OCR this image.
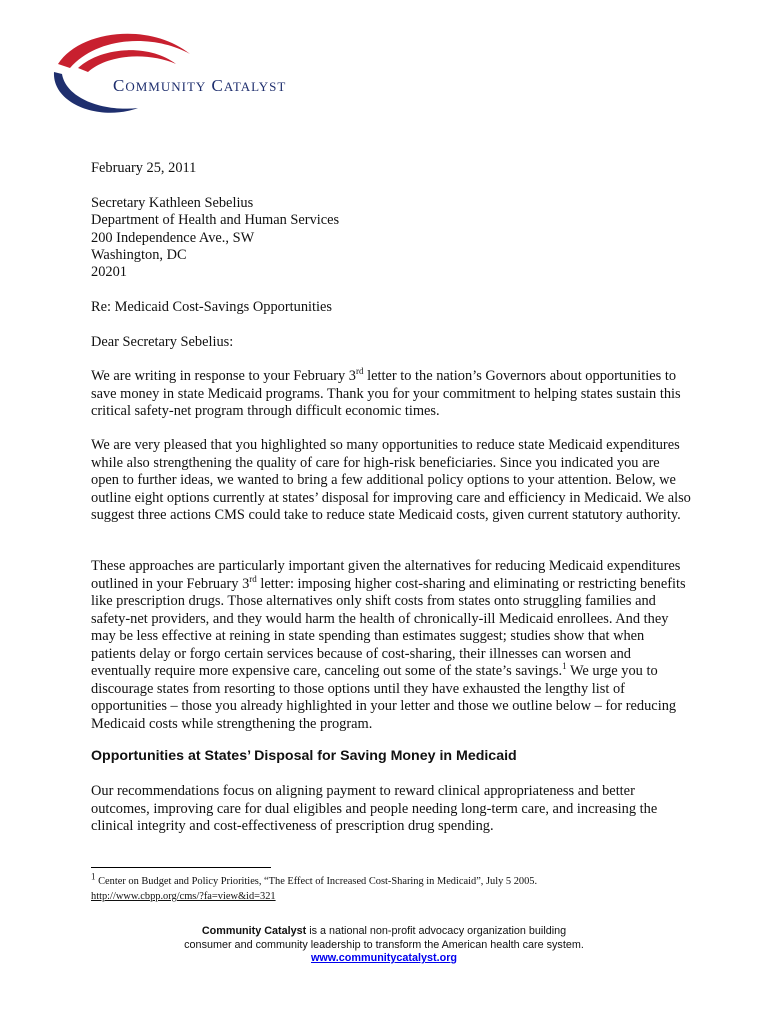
COMMUNITY CATALYST
February 25, 2011
Secretary Kathleen Sebelius
Department of Health and Human Services
200 Independence Ave., SW
Washington, DC
20201
Re: Medicaid Cost-Savings Opportunities
Dear Secretary Sebelius:

We are writing in response to your February 3rd letter to the nation’s Governors about opportunities to save money in state Medicaid programs. Thank you for your commitment to helping states sustain this critical safety-net program through difficult economic times.

We are very pleased that you highlighted so many opportunities to reduce state Medicaid expenditures while also strengthening the quality of care for high-risk beneficiaries. Since you indicated you are open to further ideas, we wanted to bring a few additional policy options to your attention. Below, we outline eight options currently at states’ disposal for improving care and efficiency in Medicaid. We also suggest three actions CMS could take to reduce state Medicaid costs, given current statutory authority.

These approaches are particularly important given the alternatives for reducing Medicaid expenditures outlined in your February 3rd letter: imposing higher cost-sharing and eliminating or restricting benefits like prescription drugs. Those alternatives only shift costs from states onto struggling families and safety-net providers, and they would harm the health of chronically-ill Medicaid enrollees. And they may be less effective at reining in state spending than estimates suggest; studies show that when patients delay or forgo certain services because of cost-sharing, their illnesses can worsen and eventually require more expensive care, canceling out some of the state’s savings.$^1$ We urge you to discourage states from resorting to those options until they have exhausted the lengthy list of opportunities – those you already highlighted in your letter and those we outline below – for reducing Medicaid costs while strengthening the program.

Opportunities at States’ Disposal for Saving Money in Medicaid

Our recommendations focus on aligning payment to reward clinical appropriateness and better outcomes, improving care for dual eligibles and people needing long-term care, and increasing the clinical integrity and cost-effectiveness of prescription drug spending.

$^1$ Center on Budget and Policy Priorities, “The Effect of Increased Cost-Sharing in Medicaid”, July 5 2005.
http://www.cbpp.org/cms/?fa=view&id=321
Community Catalyst is a national non-profit advocacy organization building
consumer and community leadership to transform the American health care system.
www.communitycatalyst.org
